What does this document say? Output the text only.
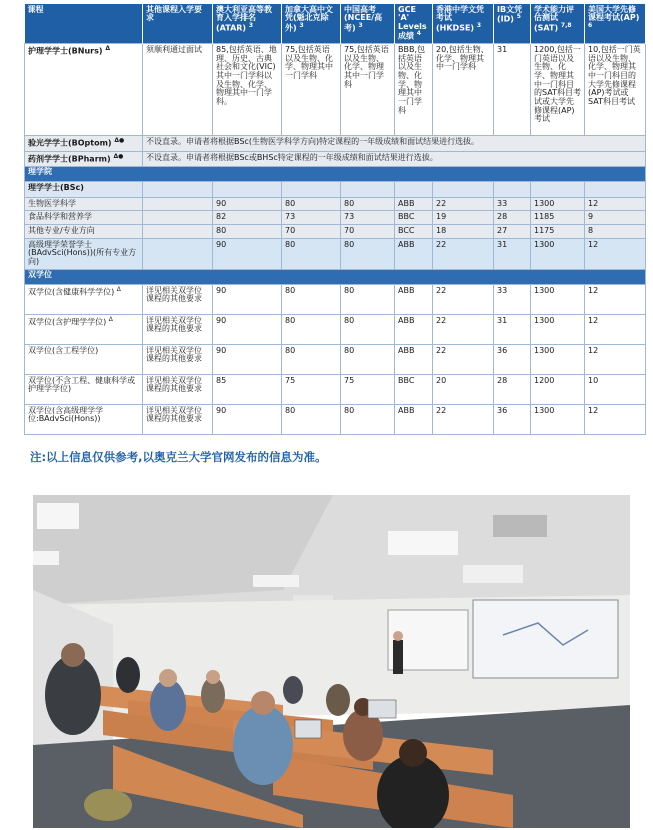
课程	其他课程入学要求	澳大利亚高等教育入学排名(ATAR) $^3$	加拿大高中文凭(魁北克除外) $^3$	中国高考(NCEE/高考) $^3$	GCE 'A' Levels 成绩 $^4$	香港中学文凭考试(HKDSE) $^3$	IB文凭(ID) $^5$	学术能力评估测试(SAT) $^{7,8}$	美国大学先修课程考试(AP) $^6$
护理学学士(BNurs) $^\Delta$	须顺利通过面试	85,包括英语、地理、历史、古典社会和文化(VIC)其中一门学科以及生物、化学、物理其中一门学科。	75,包括英语以及生物、化学、物理其中一门学科	75,包括英语以及生物、化学、物理其中一门学科	BBB,包括英语以及生物、化学、物理其中一门学科	20,包括生物、化学、物理其中一门学科	31	1200,包括一门英语以及生物、化学、物理其中一门科目的SAT科目考试或大学先修课程(AP)考试	10,包括一门英语以及生物、化学、物理其中一门科目的大学先修课程(AP)考试或SAT科目考试
验光学学士(BOptom) $^{\Delta●}$	不设直录。申请者将根据BSc(生物医学科学方向)特定课程的一年级成绩和面试结果进行选拔。								
药剂学学士(BPharm) $^{\Delta●}$	不设直录。申请者将根据BSc或BHSc特定课程的一年级成绩和面试结果进行选拔。								
理学院									
理学学士(BSc)									
生物医学科学		90	80	80	ABB	22	33	1300	12
食品科学和营养学		82	73	73	BBC	19	28	1185	9
其他专业/专业方向		80	70	70	BCC	18	27	1175	8
高级理学荣誉学士(BAdvSci(Hons))(所有专业方向)		90	80	80	ABB	22	31	1300	12
双学位									
双学位(含健康科学学位) $^\Delta$	详见相关双学位课程的其他要求	90	80	80	ABB	22	33	1300	12
双学位(含护理学学位) $^\Delta$	详见相关双学位课程的其他要求	90	80	80	ABB	22	31	1300	12
双学位(含工程学位)	详见相关双学位课程的其他要求	90	80	80	ABB	22	36	1300	12
双学位(不含工程、健康科学或护理学学位)	详见相关双学位课程的其他要求	85	75	75	BBC	20	28	1200	10
双学位(含高级理学学位:BAdvSci(Hons))	详见相关双学位课程的其他要求	90	80	80	ABB	22	36	1300	12
注:以上信息仅供参考,以奥克兰大学官网发布的信息为准。
